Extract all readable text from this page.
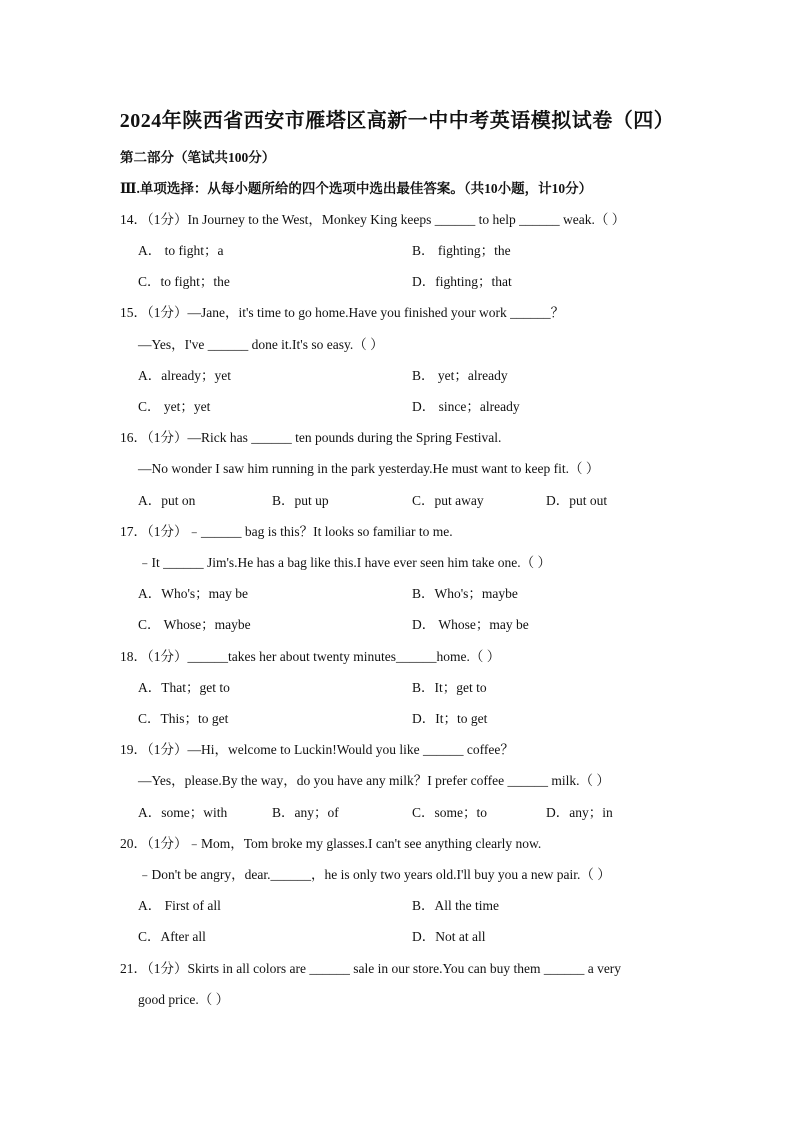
2024年陕西省西安市雁塔区高新一中中考英语模拟试卷（四）
第二部分（笔试共100分）
Ⅲ.单项选择：从每小题所给的四个选项中选出最佳答案。（共10小题，计10分）
14．（1分）In Journey to the West，Monkey King keeps ______ to help ______ weak.（ ）
A． to fight；a	B． fighting；the
C．to fight；the	D．fighting；that
15．（1分）—Jane，it's time to go home.Have you finished your work ______？
—Yes，I've ______ done it.It's so easy.（ ）
A．already；yet	B． yet；already
C． yet；yet	D． since；already
16．（1分）—Rick has ______ ten pounds during the Spring Festival.
—No wonder I saw him running in the park yesterday.He must want to keep fit.（ ）
A．put on	B．put up	C．put away	D．put out
17．（1分）﹣______ bag is this？It looks so familiar to me.
﹣It ______ Jim's.He has a bag like this.I have ever seen him take one.（ ）
A．Who's；may be	B．Who's；maybe
C． Whose；maybe	D． Whose；may be
18．（1分）______takes her about twenty minutes______home.（ ）
A．That；get to	B．It；get to
C．This；to get	D．It；to get
19．（1分）—Hi，welcome to Luckin!Would you like ______ coffee？
—Yes，please.By the way，do you have any milk？I prefer coffee ______ milk.（ ）
A．some；with	B．any；of	C．some；to	D．any；in
20．（1分）﹣Mom，Tom broke my glasses.I can't see anything clearly now.
﹣Don't be angry，dear.______，he is only two years old.I'll buy you a new pair.（ ）
A． First of all	B．All the time
C．After all	D．Not at all
21．（1分）Skirts in all colors are ______ sale in our store.You can buy them ______ a very
good price.（ ）
